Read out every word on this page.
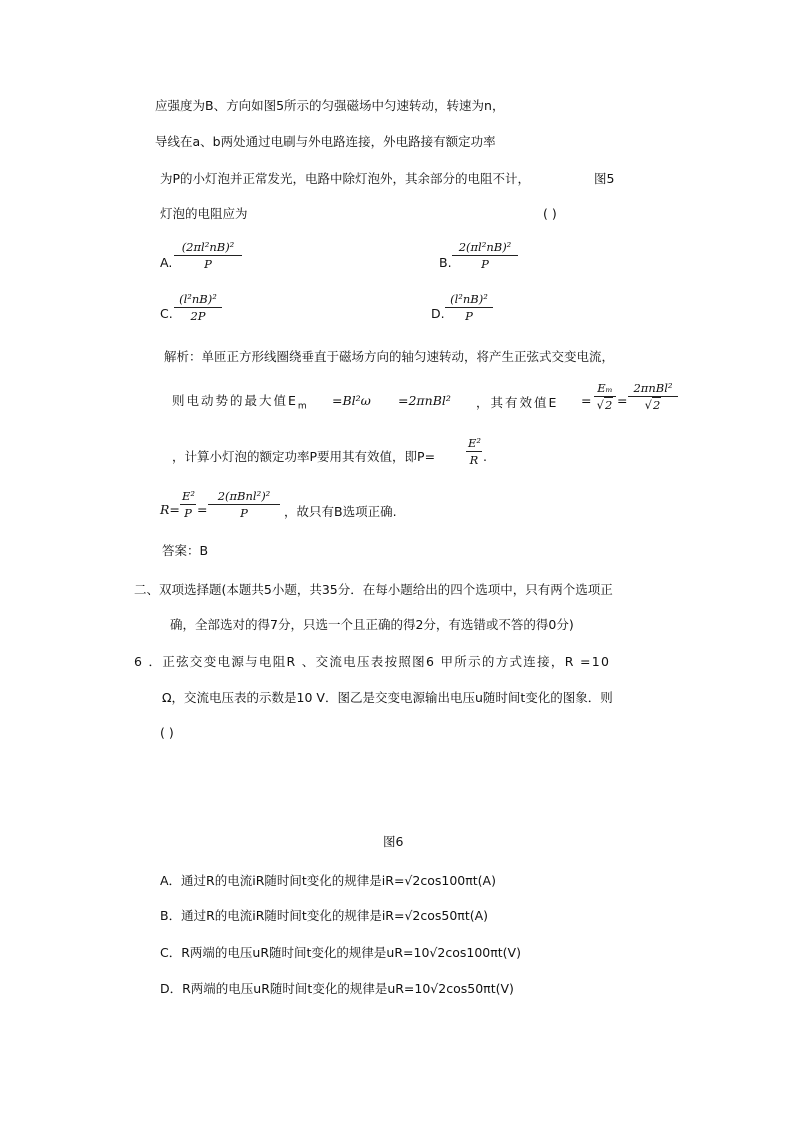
应强度为B、方向如图5所示的匀强磁场中匀速转动，转速为n，
导线在a、b两处通过电刷与外电路连接，外电路接有额定功率
为P的小灯泡并正常发光，电路中除灯泡外，其余部分的电阻不计，	图5
灯泡的电阻应为	( )
A. $\frac{\text{(2πl²nB)²}}{P}$	B. $\frac{\text{2(πl²nB)²}}{P}$
C. $\frac{\text{(l²nB)²}}{2P}$	D. $\frac{\text{(l²nB)²}}{P}$
解析：单匝正方形线圈绕垂直于磁场方向的轴匀速转动，将产生正弦式交变电流，
则电动势的最大值$E_m =Bl^2\omega =2\pi nBl^2$ ，其有效值$E = \frac{\text{Eₘ}}{√2}$ =
2πnBl²
√2
，计算小灯泡的额定功率P要用其有效值，即P=	$\frac{\text{E²}}{R}$ .
$R= \frac{\text{E²}}{P}$ =
2(πBnl²)²
P	，故只有B选项正确.
答案：B
二、双项选择题(本题共5小题，共35分．在每小题给出的四个选项中，只有两个选项正
确，全部选对的得7分，只选一个且正确的得2分，有选错或不答的得0分)
6 ．正弦交变电源与电阻R 、交流电压表按照图6 甲所示的方式连接，R =10
Ω，交流电压表的示数是10 V．图乙是交变电源输出电压u随时间t变化的图象．则
( )
图6
A．通过R的电流iR随时间t变化的规律是iR=√2cos100πt(A)
B．通过R的电流iR随时间t变化的规律是iR=√2cos50πt(A)
C．R两端的电压uR随时间t变化的规律是uR=10√2cos100πt(V)
D．R两端的电压uR随时间t变化的规律是uR=10√2cos50πt(V)
